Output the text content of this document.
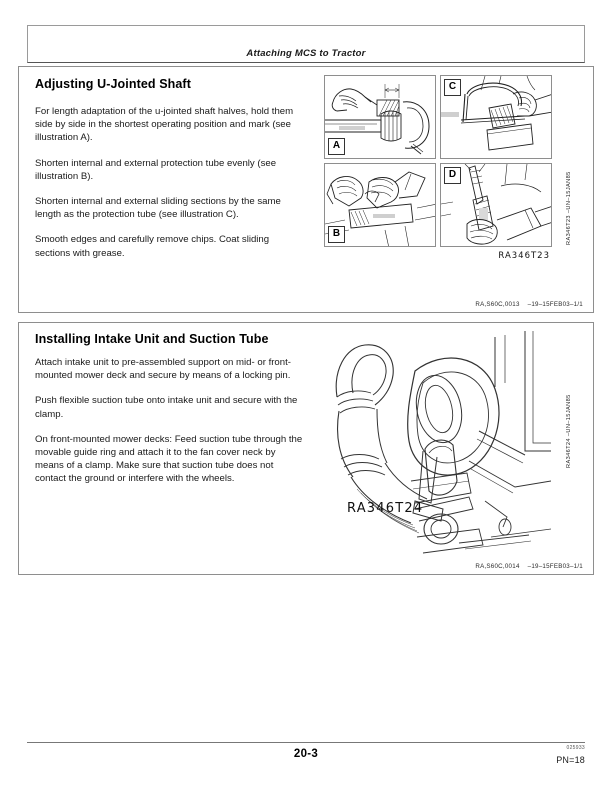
Attaching MCS to Tractor
Adjusting U-Jointed Shaft

For length adaptation of the u-jointed shaft halves, hold them side by side in the shortest operating position and mark (see illustration A).

Shorten internal and external protection tube evenly (see illustration B).

Shorten internal and external sliding sections by the same length as the protection tube (see illustration C).

Smooth edges and carefully remove chips. Coat sliding sections with grease.

A
C
B
D
RA346T23
RA346T23 –UN–15JAN85
RA,S60C,0013 –19–15FEB03–1/1
Installing Intake Unit and Suction Tube

Attach intake unit to pre-assembled support on mid- or front-mounted mower deck and secure by means of a locking pin.

Push flexible suction tube onto intake unit and secure with the clamp.

On front-mounted mower decks: Feed suction tube through the movable guide ring and attach it to the fan cover neck by means of a clamp. Make sure that suction tube does not contact the ground or interfere with the wheels.

RA346T24
RA346T24 –UN–15JAN85
RA,S60C,0014 –19–15FEB03–1/1
20-3	025933
PN=18
